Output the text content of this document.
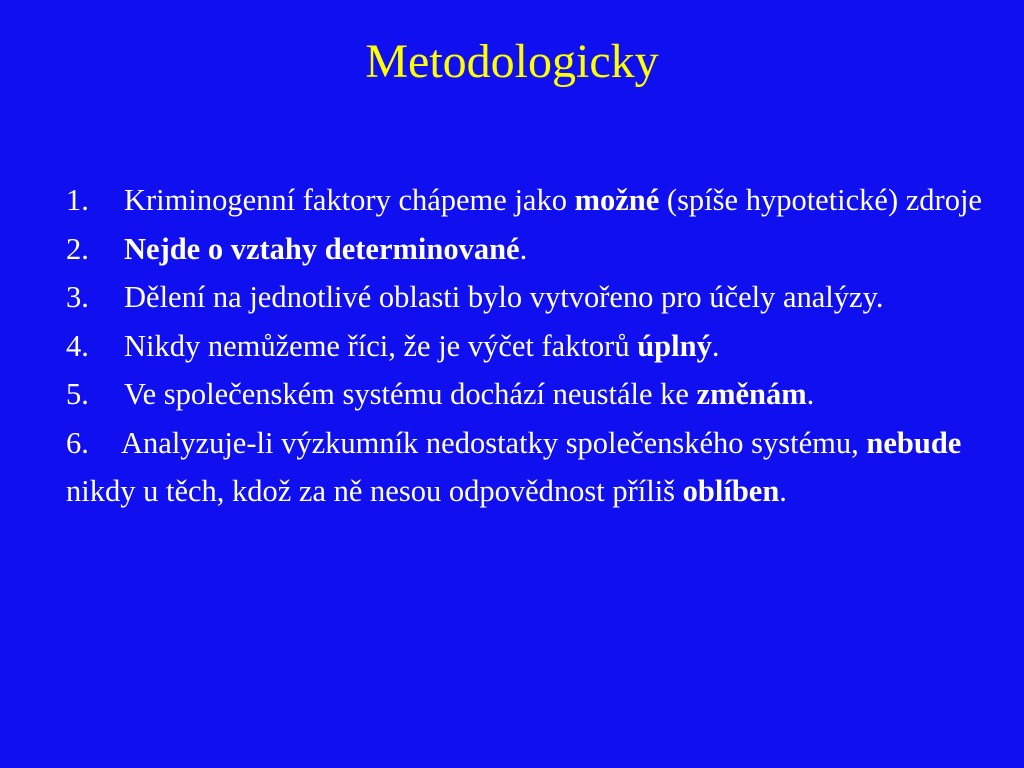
Metodologicky

1. Kriminogenní faktory chápeme jako možné (spíše hypotetické) zdroje

2. Nejde o vztahy determinované.

3. Dělení na jednotlivé oblasti bylo vytvořeno pro účely analýzy.

4. Nikdy nemůžeme říci, že je výčet faktorů úplný.

5. Ve společenském systému dochází neustále ke změnám.

6. Analyzuje-li výzkumník nedostatky společenského systému, nebude nikdy u těch, kdož za ně nesou odpovědnost příliš oblíben.
